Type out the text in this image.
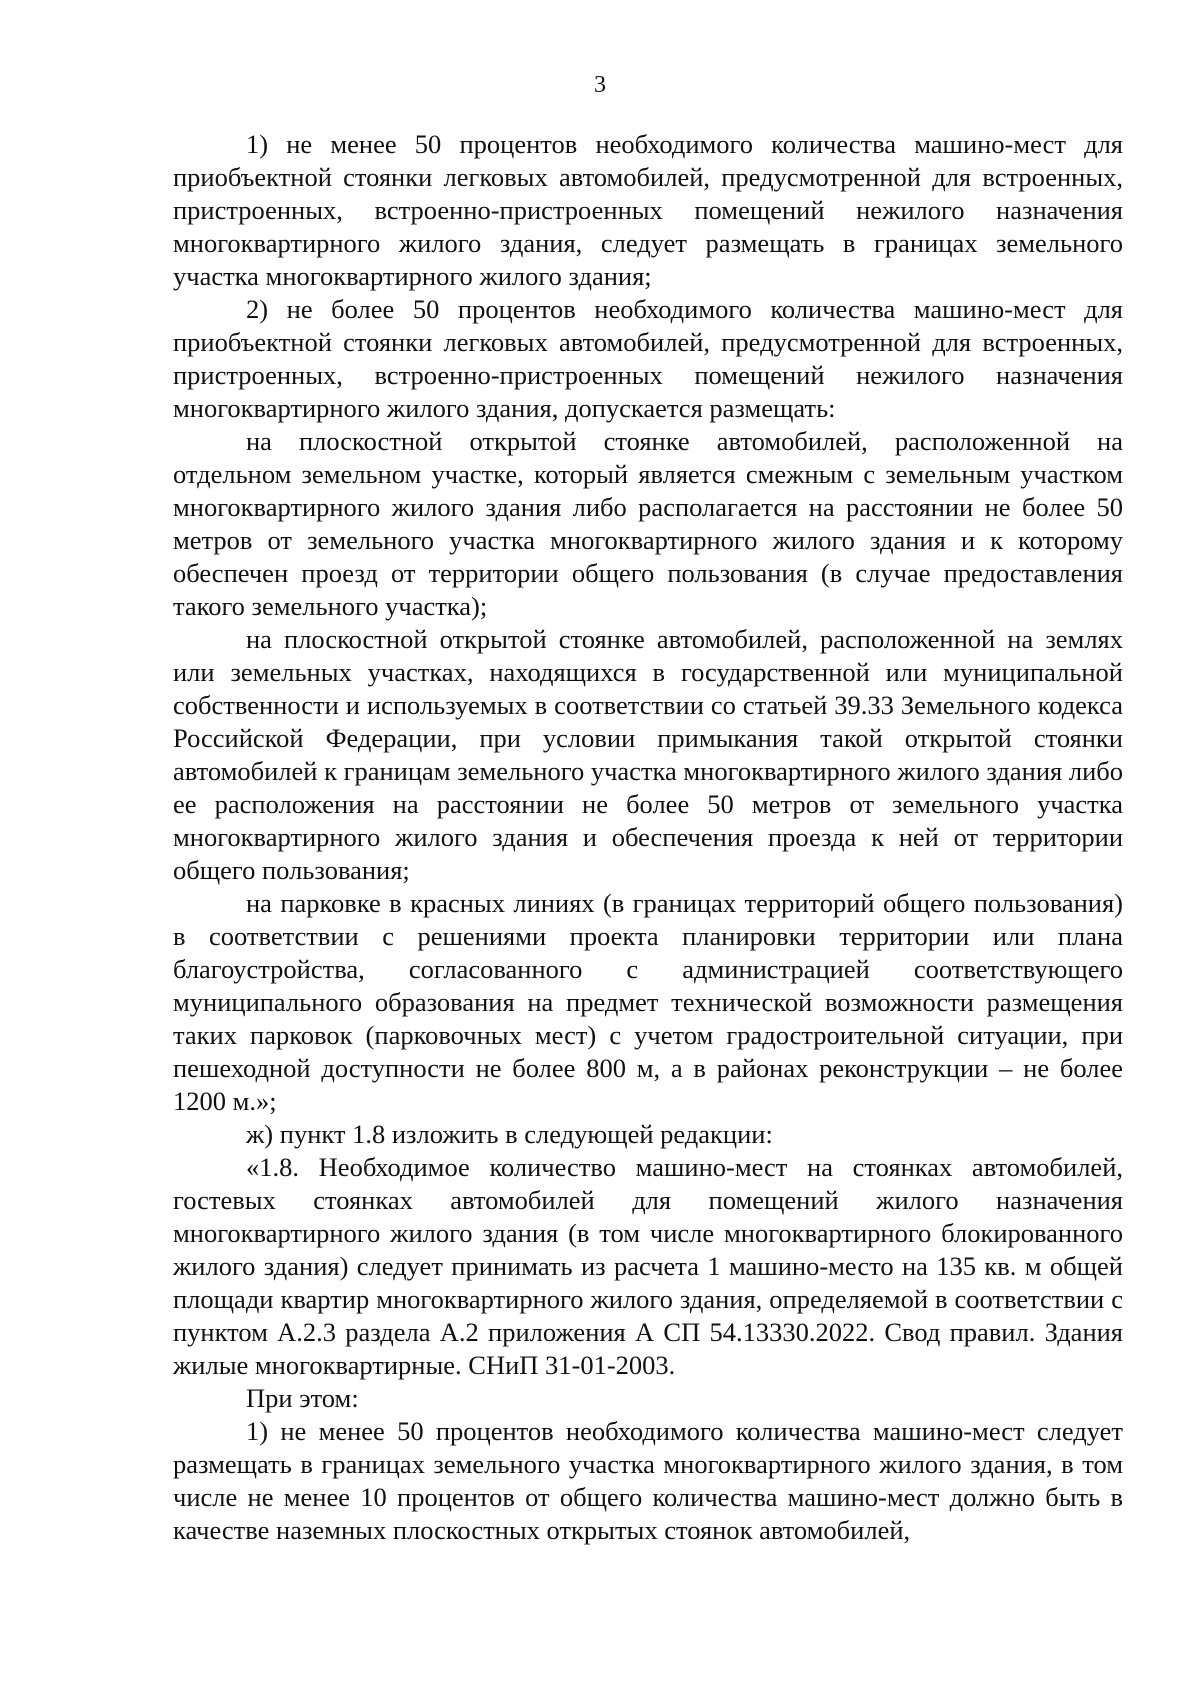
3

1) не менее 50 процентов необходимого количества машино-мест для приобъектной стоянки легковых автомобилей, предусмотренной для встроенных, пристроенных, встроенно-пристроенных помещений нежилого назначения многоквартирного жилого здания, следует размещать в границах земельного участка многоквартирного жилого здания;

2) не более 50 процентов необходимого количества машино-мест для приобъектной стоянки легковых автомобилей, предусмотренной для встроенных, пристроенных, встроенно-пристроенных помещений нежилого назначения многоквартирного жилого здания, допускается размещать:

на плоскостной открытой стоянке автомобилей, расположенной на отдельном земельном участке, который является смежным с земельным участком многоквартирного жилого здания либо располагается на расстоянии не более 50 метров от земельного участка многоквартирного жилого здания и к которому обеспечен проезд от территории общего пользования (в случае предоставления такого земельного участка);

на плоскостной открытой стоянке автомобилей, расположенной на землях или земельных участках, находящихся в государственной или муниципальной собственности и используемых в соответствии со статьей 39.33 Земельного кодекса Российской Федерации, при условии примыкания такой открытой стоянки автомобилей к границам земельного участка многоквартирного жилого здания либо ее расположения на расстоянии не более 50 метров от земельного участка многоквартирного жилого здания и обеспечения проезда к ней от территории общего пользования;

на парковке в красных линиях (в границах территорий общего пользования) в соответствии с решениями проекта планировки территории или плана благоустройства, согласованного с администрацией соответствующего муниципального образования на предмет технической возможности размещения таких парковок (парковочных мест) с учетом градостроительной ситуации, при пешеходной доступности не более 800 м, а в районах реконструкции – не более 1200 м.»;

ж) пункт 1.8 изложить в следующей редакции:

«1.8. Необходимое количество машино-мест на стоянках автомобилей, гостевых стоянках автомобилей для помещений жилого назначения многоквартирного жилого здания (в том числе многоквартирного блокированного жилого здания) следует принимать из расчета 1 машино-место на 135 кв. м общей площади квартир многоквартирного жилого здания, определяемой в соответствии с пунктом А.2.3 раздела А.2 приложения А СП 54.13330.2022. Свод правил. Здания жилые многоквартирные. СНиП 31-01-2003.

При этом:

1) не менее 50 процентов необходимого количества машино-мест следует размещать в границах земельного участка многоквартирного жилого здания, в том числе не менее 10 процентов от общего количества машино-мест должно быть в качестве наземных плоскостных открытых стоянок автомобилей,
